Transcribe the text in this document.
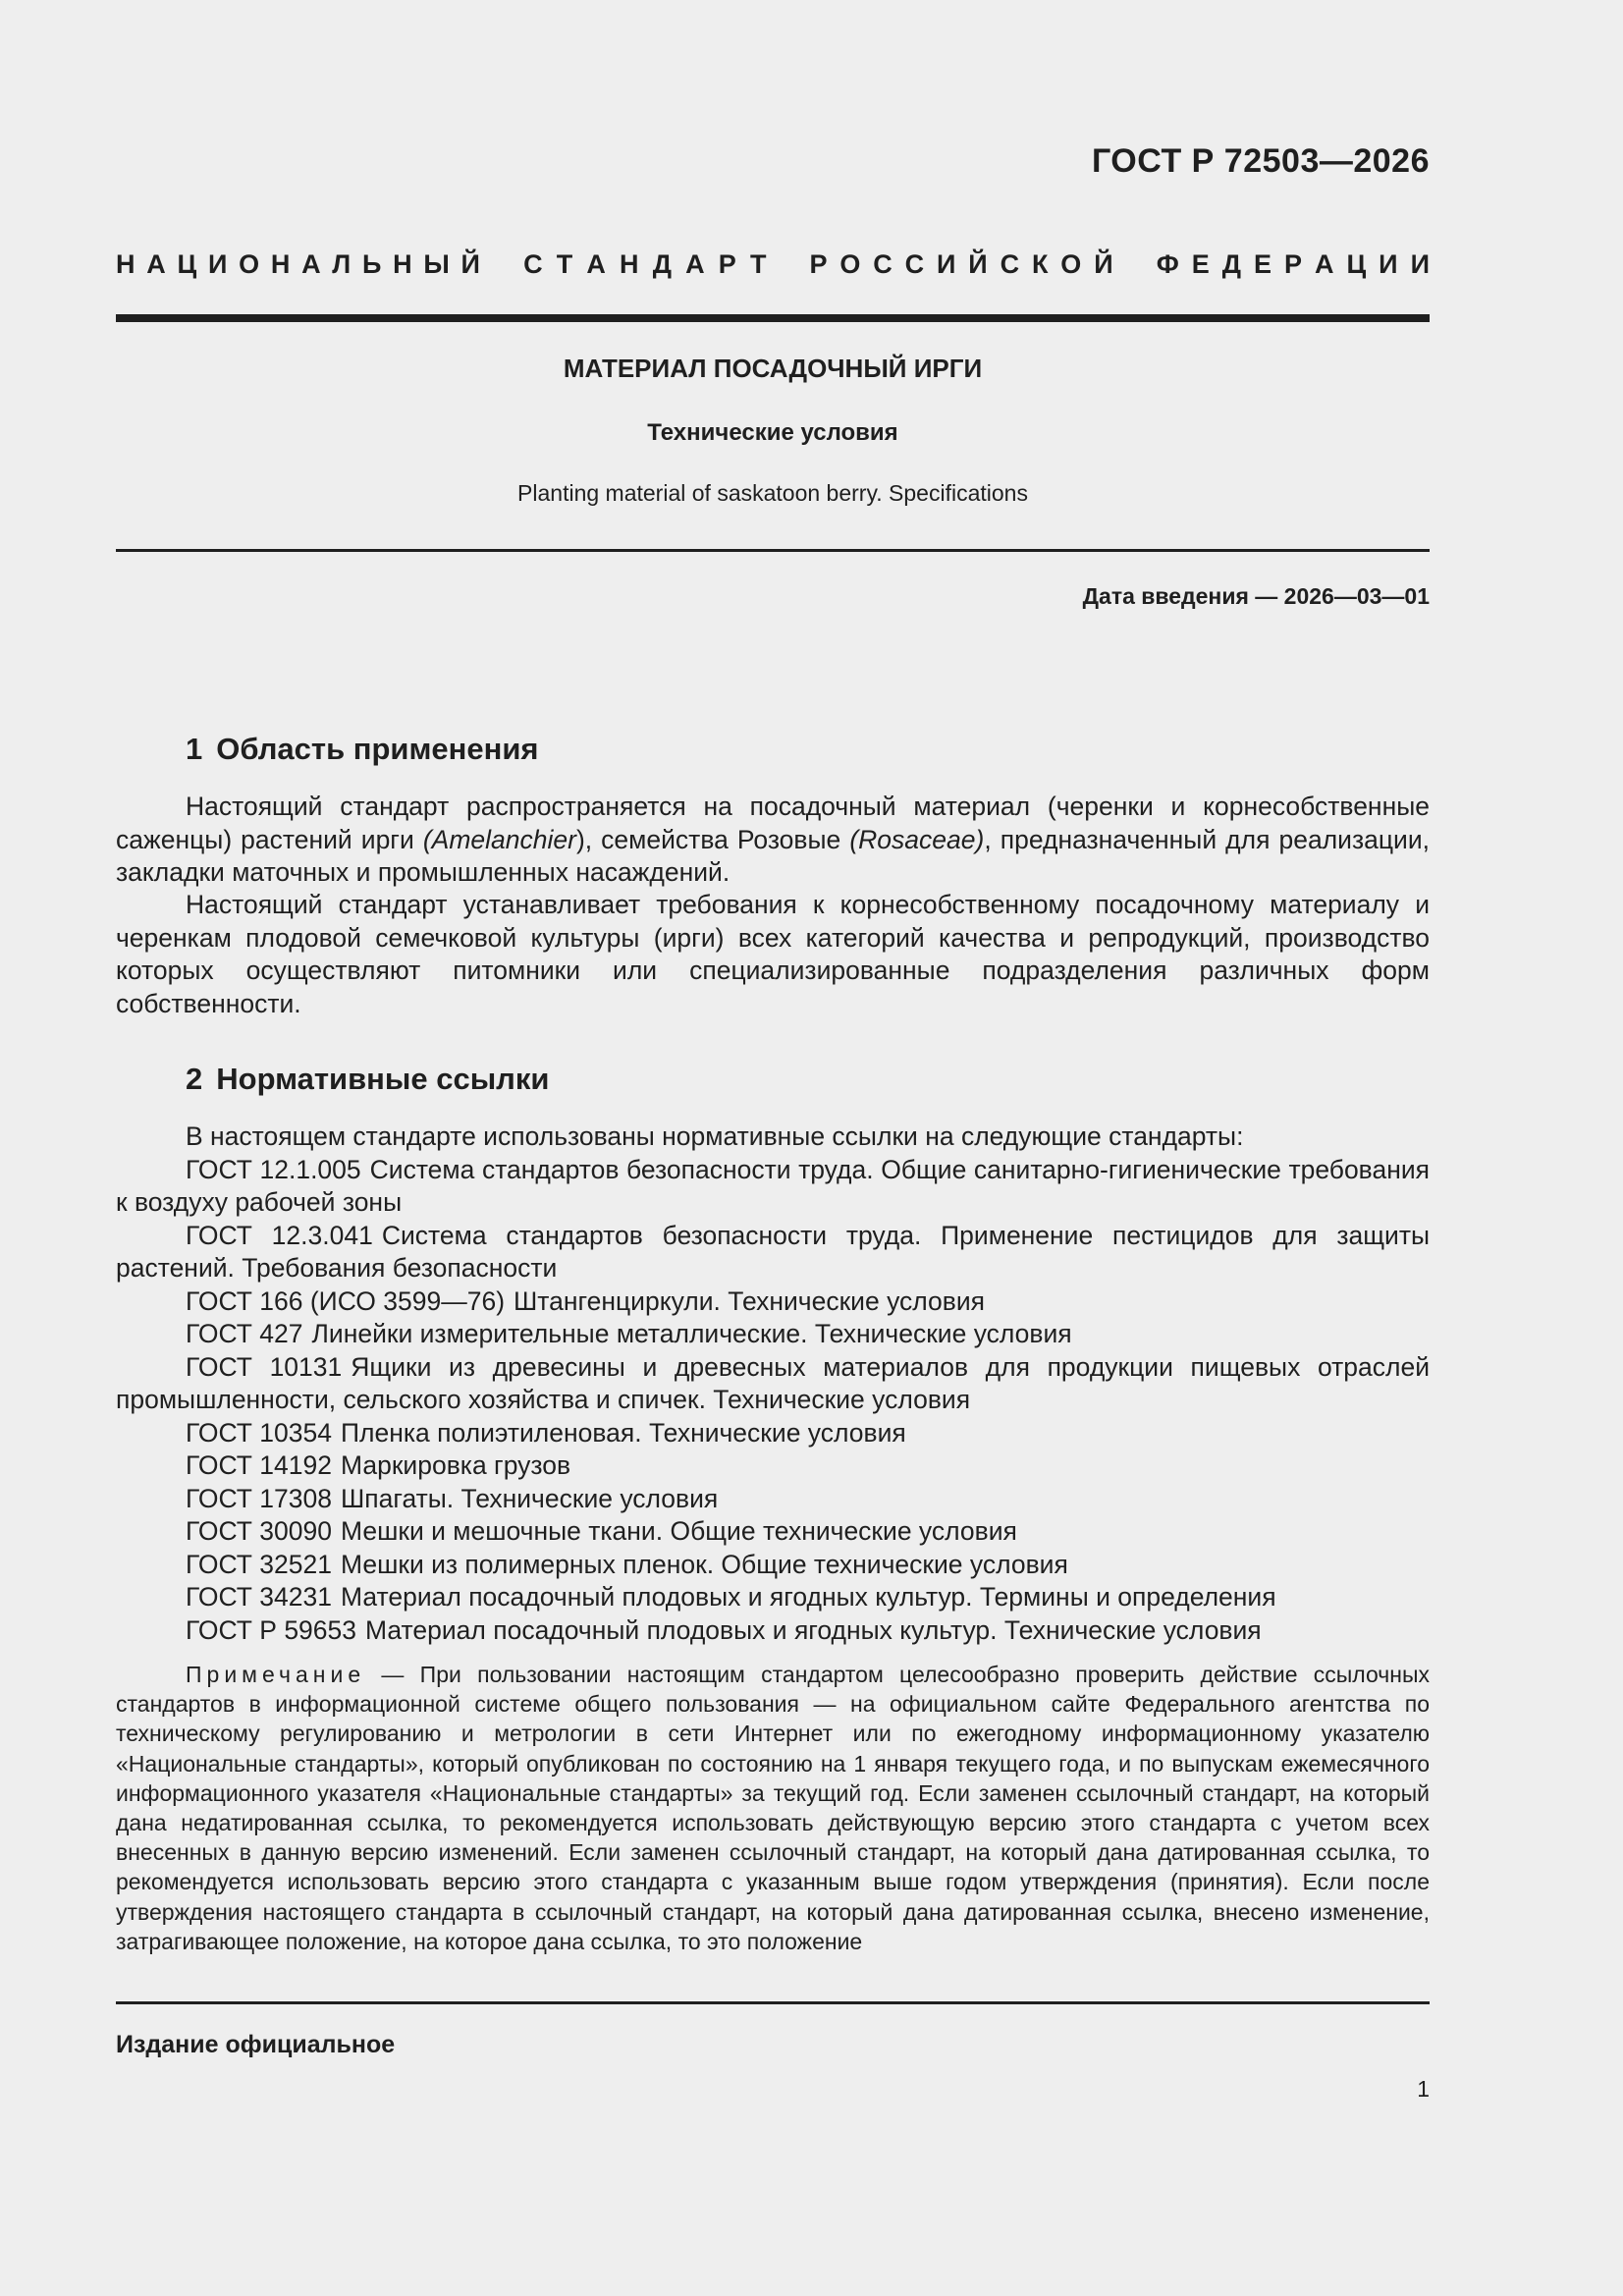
ГОСТ Р 72503—2026
Н А Ц И О Н А Л Ь Н Ы Й С Т А Н Д А Р Т Р О С С И Й С К О Й Ф Е Д Е Р А Ц И И
МАТЕРИАЛ ПОСАДОЧНЫЙ ИРГИ
Технические условия
Planting material of saskatoon berry. Specifications
Дата введения — 2026—03—01
1 Область применения

Настоящий стандарт распространяется на посадочный материал (черенки и корнесобственные саженцы) растений ирги (Amelanchier), семейства Розовые (Rosaceae), предназначенный для реализации, закладки маточных и промышленных насаждений.

Настоящий стандарт устанавливает требования к корнесобственному посадочному материалу и черенкам плодовой семечковой культуры (ирги) всех категорий качества и репродукций, производство которых осуществляют питомники или специализированные подразделения различных форм собственности.

2 Нормативные ссылки

В настоящем стандарте использованы нормативные ссылки на следующие стандарты:

ГОСТ 12.1.005 Система стандартов безопасности труда. Общие санитарно-гигиенические требования к воздуху рабочей зоны

ГОСТ 12.3.041 Система стандартов безопасности труда. Применение пестицидов для защиты растений. Требования безопасности

ГОСТ 166 (ИСО 3599—76) Штангенциркули. Технические условия

ГОСТ 427 Линейки измерительные металлические. Технические условия

ГОСТ 10131 Ящики из древесины и древесных материалов для продукции пищевых отраслей промышленности, сельского хозяйства и спичек. Технические условия

ГОСТ 10354 Пленка полиэтиленовая. Технические условия

ГОСТ 14192 Маркировка грузов

ГОСТ 17308 Шпагаты. Технические условия

ГОСТ 30090 Мешки и мешочные ткани. Общие технические условия

ГОСТ 32521 Мешки из полимерных пленок. Общие технические условия

ГОСТ 34231 Материал посадочный плодовых и ягодных культур. Термины и определения

ГОСТ Р 59653 Материал посадочный плодовых и ягодных культур. Технические условия

Примечание — При пользовании настоящим стандартом целесообразно проверить действие ссылочных стандартов в информационной системе общего пользования — на официальном сайте Федерального агентства по техническому регулированию и метрологии в сети Интернет или по ежегодному информационному указателю «Национальные стандарты», который опубликован по состоянию на 1 января текущего года, и по выпускам ежемесячного информационного указателя «Национальные стандарты» за текущий год. Если заменен ссылочный стандарт, на который дана недатированная ссылка, то рекомендуется использовать действующую версию этого стандарта с учетом всех внесенных в данную версию изменений. Если заменен ссылочный стандарт, на который дана датированная ссылка, то рекомендуется использовать версию этого стандарта с указанным выше годом утверждения (принятия). Если после утверждения настоящего стандарта в ссылочный стандарт, на который дана датированная ссылка, внесено изменение, затрагивающее положение, на которое дана ссылка, то это положение

Издание официальное
1
